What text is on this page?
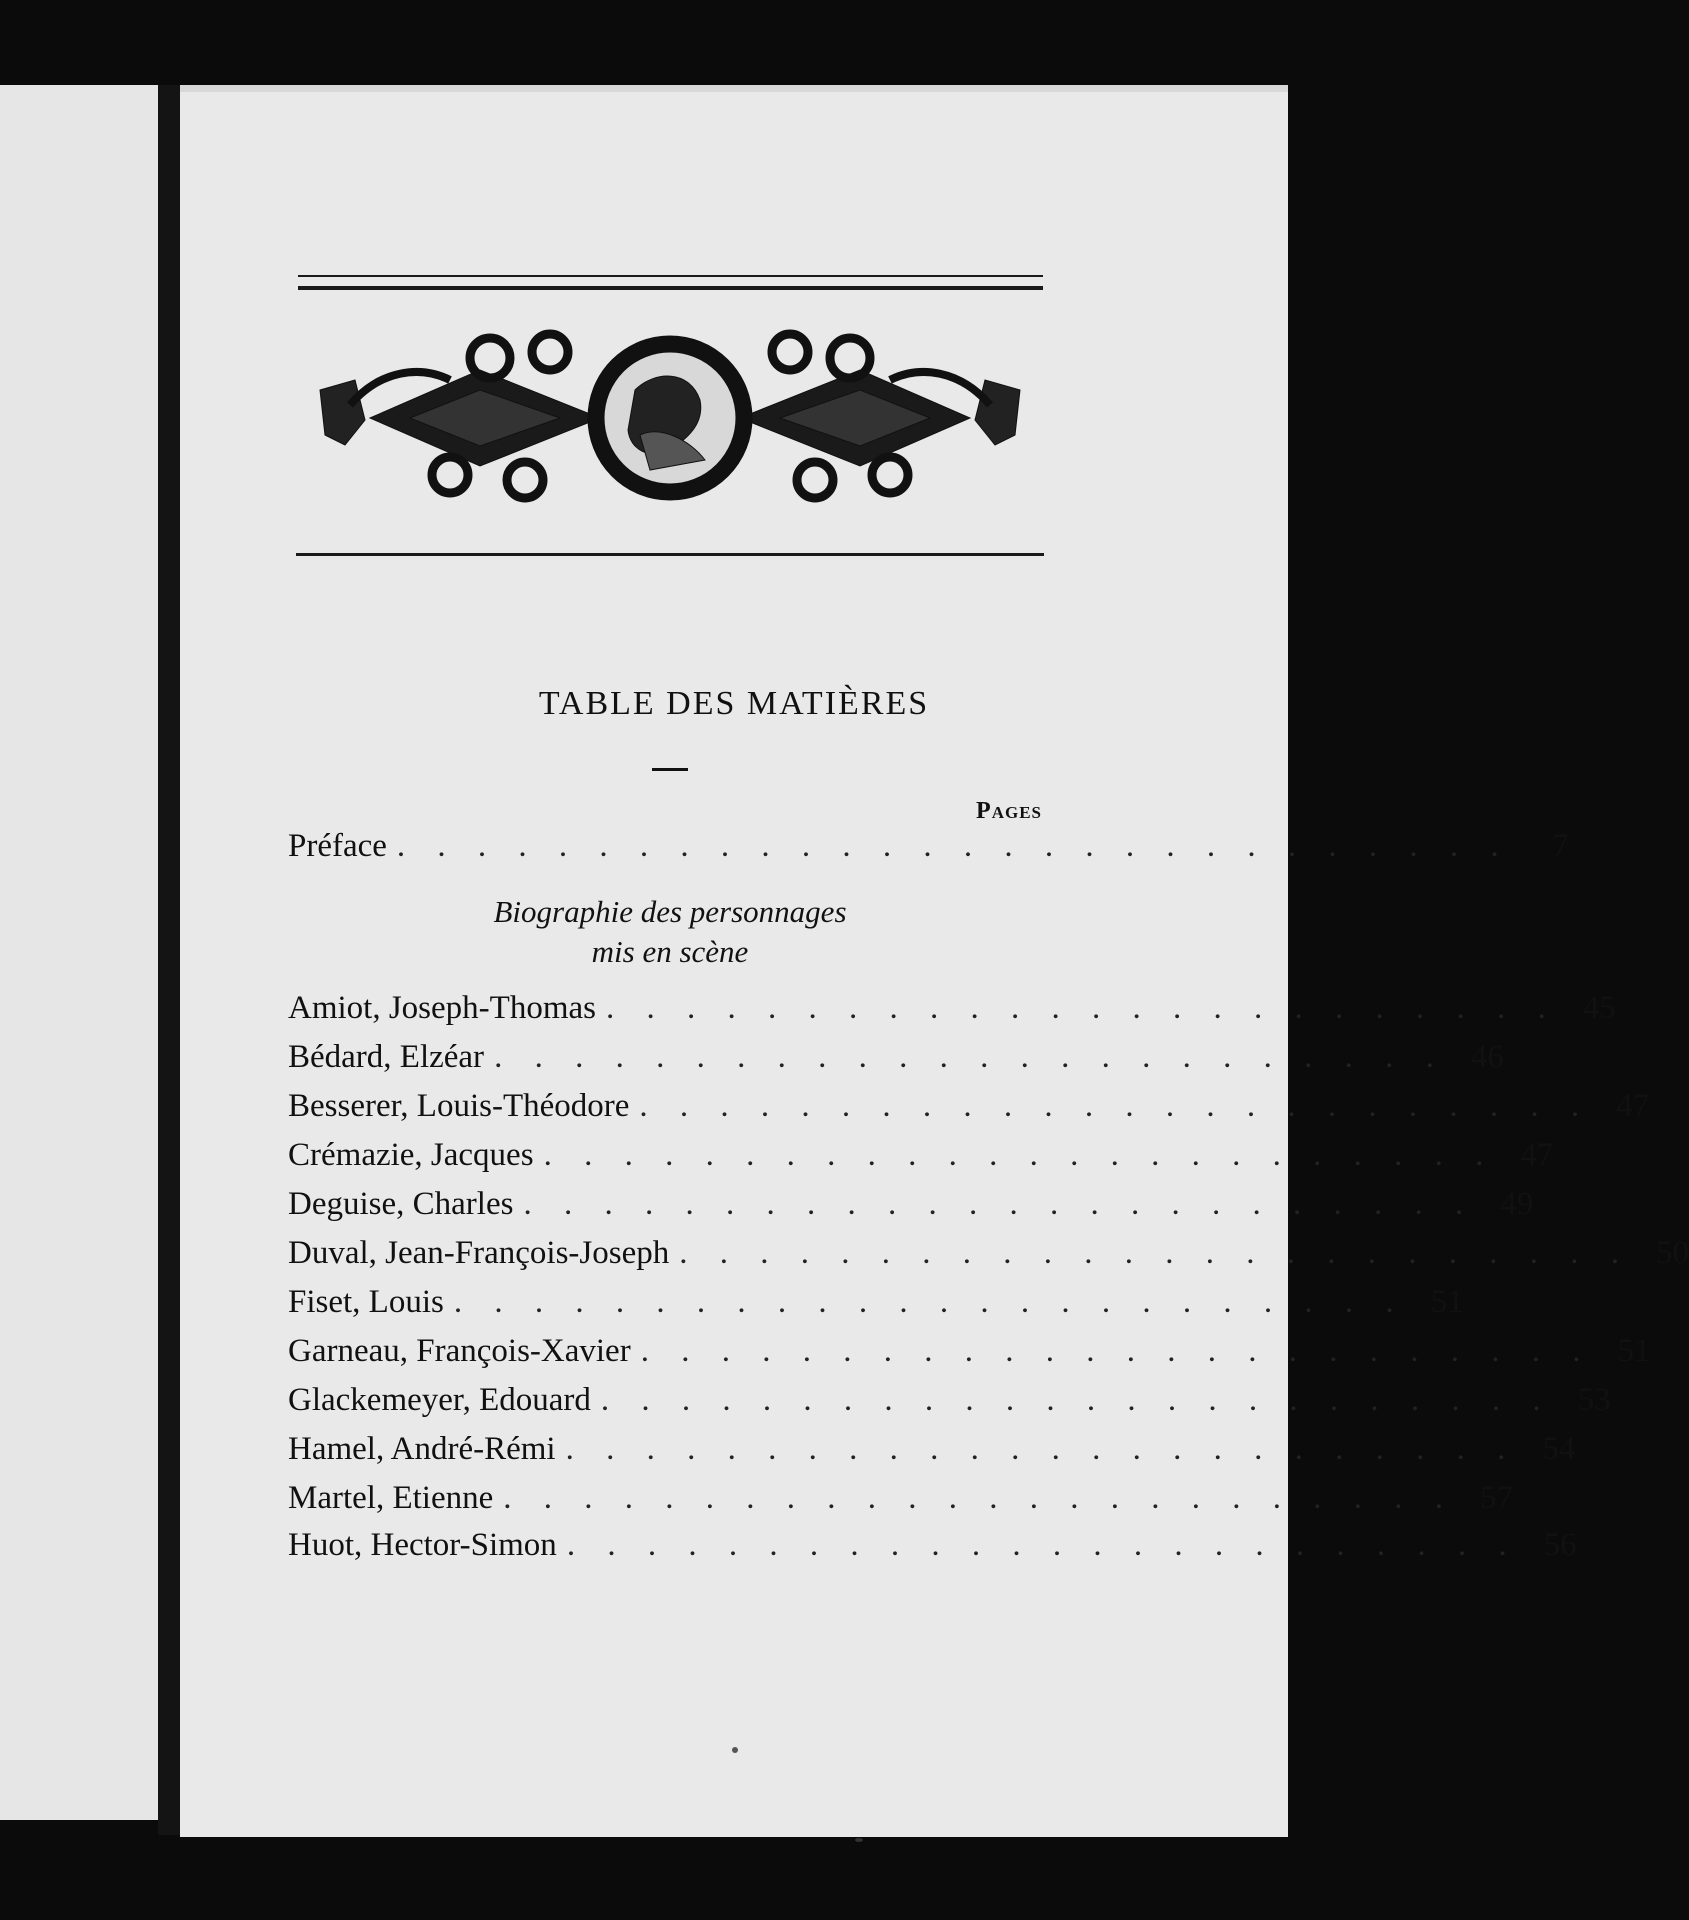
TABLE DES MATIÈRES
Pages
Préface . . . . . . . . . . . . . . . . . . . . . . . . . . . .	7
Biographie des personnages
mis en scène
Amiot, Joseph-Thomas . . . . . . . . . . . . . . . . . . . . . . . . 45
Bédard, Elzéar . . . . . . . . . . . . . . . . . . . . . . . . 46
Besserer, Louis-Théodore . . . . . . . . . . . . . . . . . . . . . . . . 47
Crémazie, Jacques . . . . . . . . . . . . . . . . . . . . . . . . 47
Deguise, Charles . . . . . . . . . . . . . . . . . . . . . . . . 49
Duval, Jean-François-Joseph . . . . . . . . . . . . . . . . . . . . . . . . 50
Fiset, Louis . . . . . . . . . . . . . . . . . . . . . . . . 51
Garneau, François-Xavier . . . . . . . . . . . . . . . . . . . . . . . . 51
Glackemeyer, Edouard . . . . . . . . . . . . . . . . . . . . . . . . 53
Hamel, André-Rémi . . . . . . . . . . . . . . . . . . . . . . . . 54
Martel, Etienne . . . . . . . . . . . . . . . . . . . . . . . . 57
Huot, Hector-Simon . . . . . . . . . . . . . . . . . . . . . . . . 56
